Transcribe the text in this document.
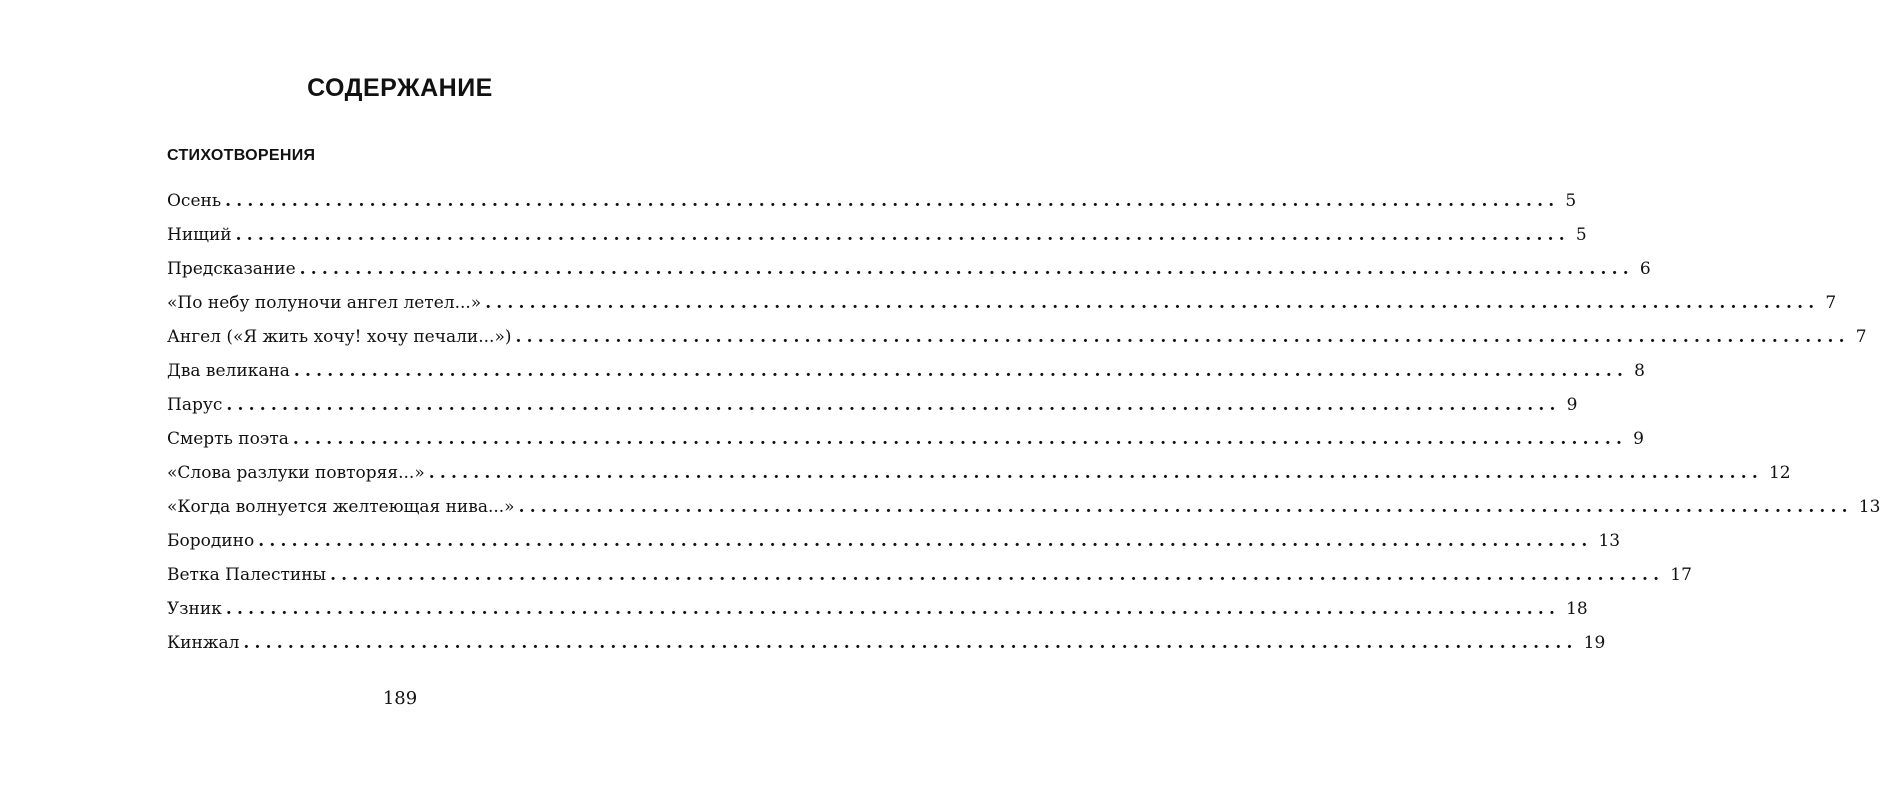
СОДЕРЖАНИЕ
СТИХОТВОРЕНИЯ
Осень ........................................................................................................................ 5
Нищий ........................................................................................................................ 5
Предсказание ........................................................................................................................ 6
«По небу полуночи ангел летел...» ........................................................................................................................ 7
Ангел («Я жить хочу! хочу печали...») ........................................................................................................................ 7
Два великана ........................................................................................................................ 8
Парус ........................................................................................................................ 9
Смерть поэта ........................................................................................................................ 9
«Слова разлуки повторяя...» ........................................................................................................................ 12
«Когда волнуется желтеющая нива...» ........................................................................................................................ 13
Бородино ........................................................................................................................ 13
Ветка Палестины ........................................................................................................................ 17
Узник ........................................................................................................................ 18
Кинжал ........................................................................................................................ 19
189
